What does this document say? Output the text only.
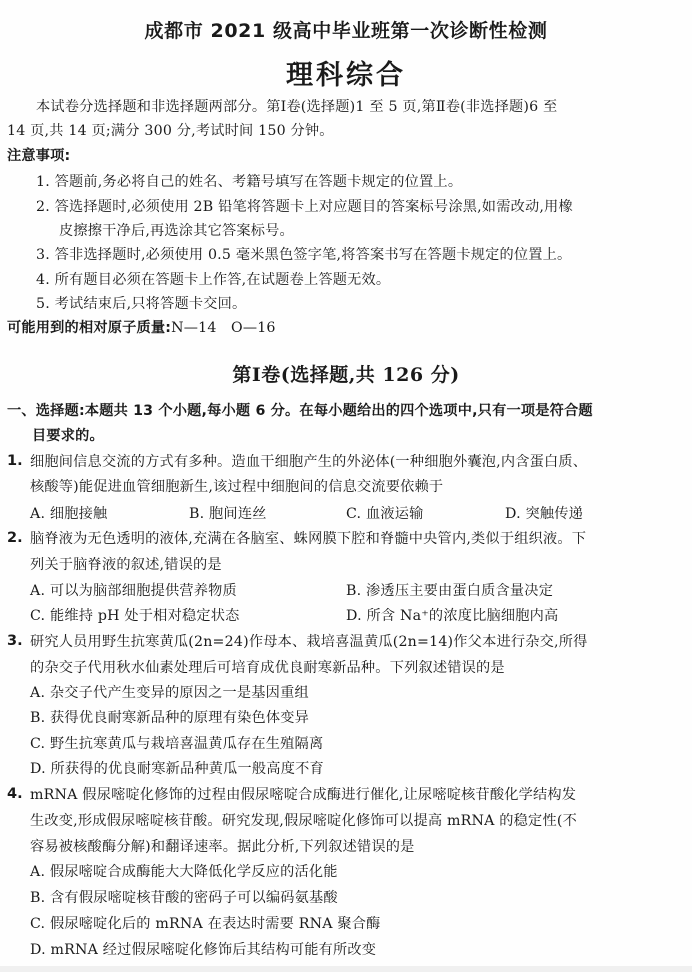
成都市 2021 级高中毕业班第一次诊断性检测
理科综合
本试卷分选择题和非选择题两部分。第Ⅰ卷(选择题)1 至 5 页,第Ⅱ卷(非选择题)6 至
14 页,共 14 页;满分 300 分,考试时间 150 分钟。
注意事项:
1. 答题前,务必将自己的姓名、考籍号填写在答题卡规定的位置上。
2. 答选择题时,必须使用 2B 铅笔将答题卡上对应题目的答案标号涂黑,如需改动,用橡
皮擦擦干净后,再选涂其它答案标号。
3. 答非选择题时,必须使用 0.5 毫米黑色签字笔,将答案书写在答题卡规定的位置上。
4. 所有题目必须在答题卡上作答,在试题卷上答题无效。
5. 考试结束后,只将答题卡交回。
可能用到的相对原子质量:N—14　O—16
第Ⅰ卷(选择题,共 126 分)
一、选择题:本题共 13 个小题,每小题 6 分。在每小题给出的四个选项中,只有一项是符合题
目要求的。
1. 细胞间信息交流的方式有多种。造血干细胞产生的外泌体(一种细胞外囊泡,内含蛋白质、
核酸等)能促进血管细胞新生,该过程中细胞间的信息交流要依赖于
A. 细胞接触	B. 胞间连丝	C. 血液运输	D. 突触传递
2. 脑脊液为无色透明的液体,充满在各脑室、蛛网膜下腔和脊髓中央管内,类似于组织液。下
列关于脑脊液的叙述,错误的是
A. 可以为脑部细胞提供营养物质	B. 渗透压主要由蛋白质含量决定
C. 能维持 pH 处于相对稳定状态	D. 所含 Na⁺的浓度比脑细胞内高
3. 研究人员用野生抗寒黄瓜(2n=24)作母本、栽培喜温黄瓜(2n=14)作父本进行杂交,所得
的杂交子代用秋水仙素处理后可培育成优良耐寒新品种。下列叙述错误的是
A. 杂交子代产生变异的原因之一是基因重组
B. 获得优良耐寒新品种的原理有染色体变异
C. 野生抗寒黄瓜与栽培喜温黄瓜存在生殖隔离
D. 所获得的优良耐寒新品种黄瓜一般高度不育
4. mRNA 假尿嘧啶化修饰的过程由假尿嘧啶合成酶进行催化,让尿嘧啶核苷酸化学结构发
生改变,形成假尿嘧啶核苷酸。研究发现,假尿嘧啶化修饰可以提高 mRNA 的稳定性(不
容易被核酸酶分解)和翻译速率。据此分析,下列叙述错误的是
A. 假尿嘧啶合成酶能大大降低化学反应的活化能
B. 含有假尿嘧啶核苷酸的密码子可以编码氨基酸
C. 假尿嘧啶化后的 mRNA 在表达时需要 RNA 聚合酶
D. mRNA 经过假尿嘧啶化修饰后其结构可能有所改变
